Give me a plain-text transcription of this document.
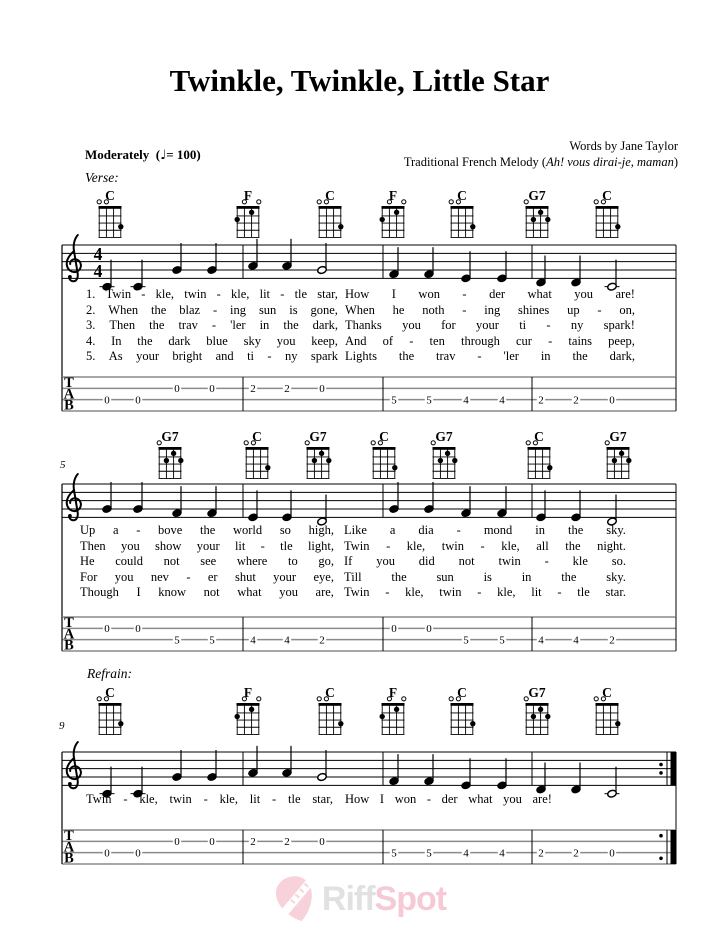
Twinkle, Twinkle, Little Star
Words by Jane Taylor
Traditional French Melody (Ah! vous dirai-je, maman)
Moderately (♩= 100)
Verse:
Refrain:
5
9
4
4
T
A
B	0 0
0	0	2	2	0
5	5	4	4	2	2	0
C	F	C	F	C	G7	C
T
A
B
0 0
5	5	4	4	2
0	0
5	5	4	4	2
G7	C	G7	C	G7	C	G7
T
A
B	0 0
0	0	2	2	0
5	5	4	4	2	2	0
C	F	C	F	C	G7	C
1. Twin - kle, twin - kle, lit - tle star, How I won - der what you are!
2. When the blaz - ing sun is gone, When he noth - ing shines up - on,
3. Then the trav - 'ler in the dark, Thanks you for your ti - ny spark!
4. In the dark blue sky you keep, And of - ten through cur - tains peep,
5. As your bright and ti - ny spark Lights the trav - 'ler in the dark,
Up a - bove the world so high, Like a dia - mond in the sky.
Then you show your lit - tle light, Twin - kle, twin - kle, all the night.
He could not see where to go, If you did not twin - kle so.
For you nev - er shut your eye, Till the sun is in the sky.
Though I know not what you are, Twin - kle, twin - kle, lit - tle star.
Twin - kle, twin - kle, lit - tle star, How I won - der what you are!
RiffSpot
